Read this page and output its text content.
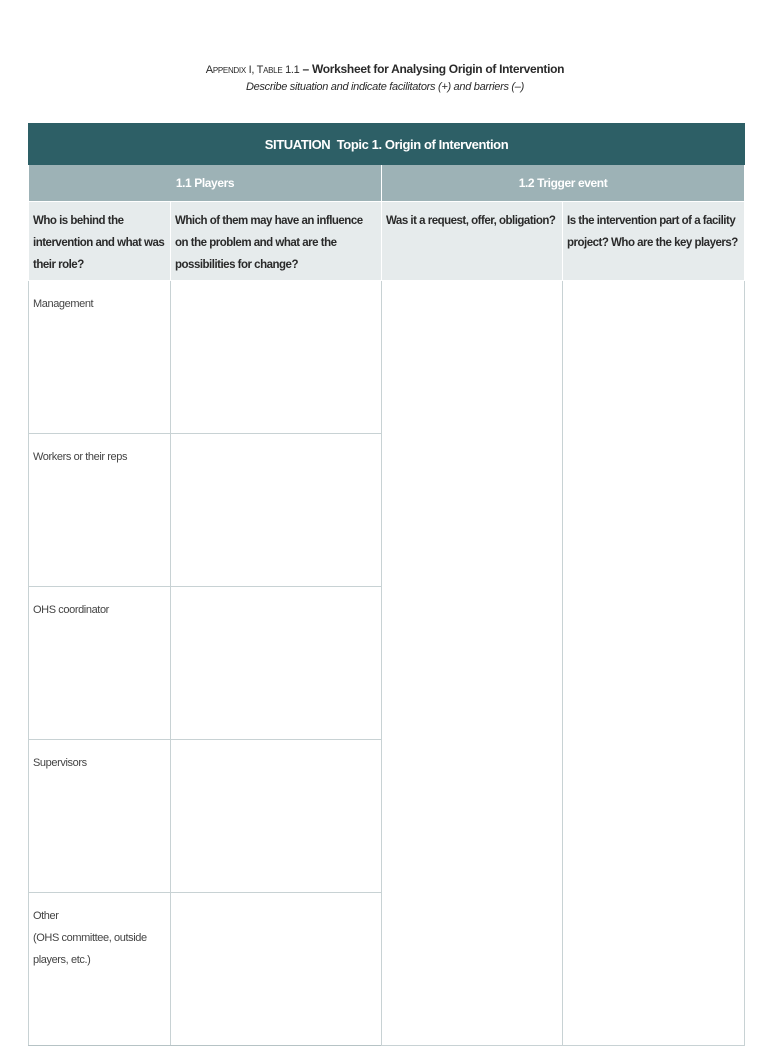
Appendix I, Table 1.1 – Worksheet for Analysing Origin of Intervention
Describe situation and indicate facilitators (+) and barriers (–)
SITUATION Topic 1. Origin of Intervention			
1.1 Players		1.2 Trigger event	
Who is behind the intervention and what was their role?	Which of them may have an influence on the problem and what are the possibilities for change?	Was it a request, offer, obligation?	Is the intervention part of a facility project? Who are the key players?
Management			
Workers or their reps			
OHS coordinator			
Supervisors			

Other
(OHS committee, outside players, etc.)			
